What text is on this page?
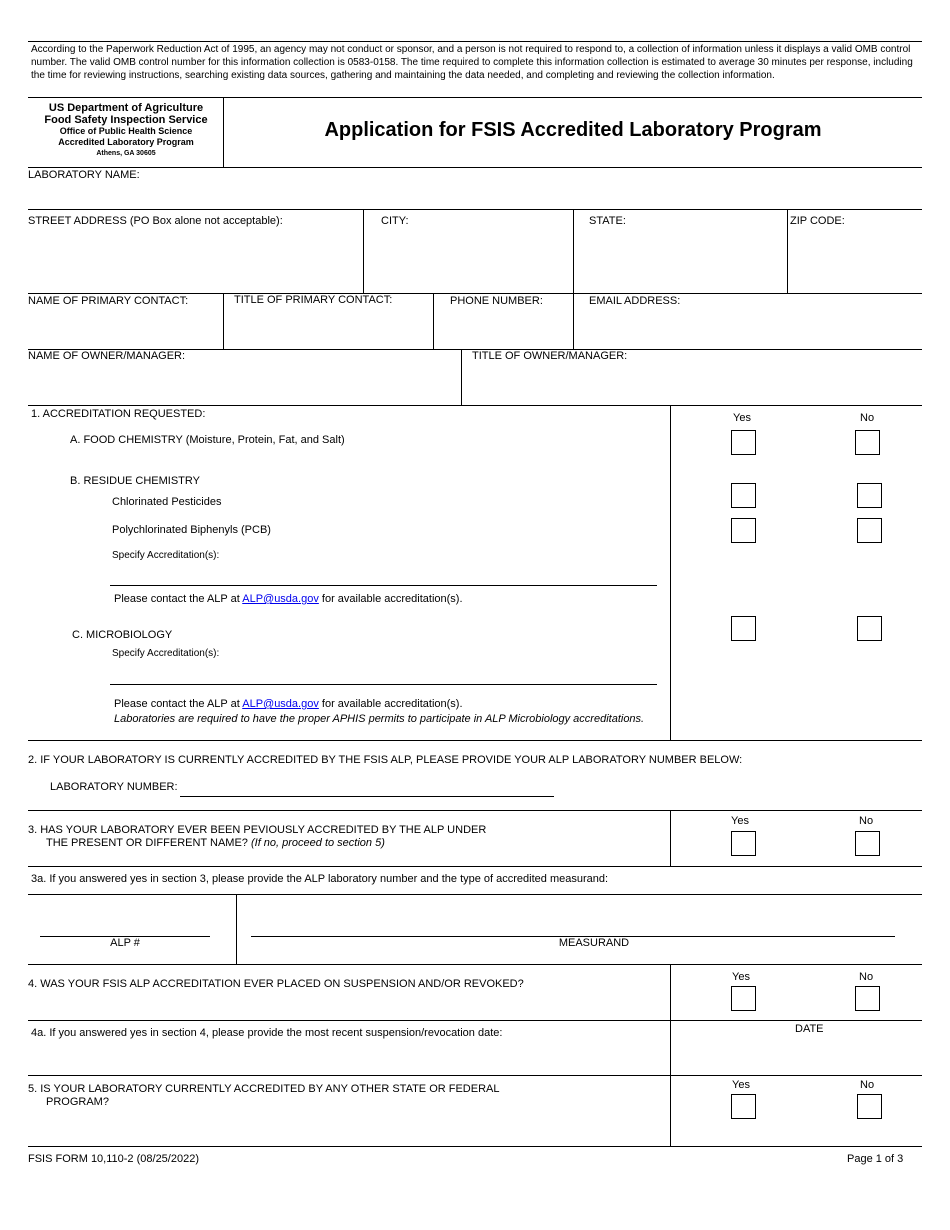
According to the Paperwork Reduction Act of 1995, an agency may not conduct or sponsor, and a person is not required to respond to, a collection of information unless it displays a valid OMB control number. The valid OMB control number for this information collection is 0583-0158. The time required to complete this information collection is estimated to average 30 minutes per response, including the time for reviewing instructions, searching existing data sources, gathering and maintaining the data needed, and completing and reviewing the collection information.
US Department of Agriculture
Food Safety Inspection Service
Office of Public Health Science
Accredited Laboratory Program
Athens, GA 30605
Application for FSIS Accredited Laboratory Program
LABORATORY NAME:
STREET ADDRESS (PO Box alone not acceptable):	CITY:	STATE:	ZIP CODE:
NAME OF PRIMARY CONTACT:	TITLE OF PRIMARY CONTACT:	PHONE NUMBER:	EMAIL ADDRESS:
NAME OF OWNER/MANAGER:	TITLE OF OWNER/MANAGER:
1. ACCREDITATION REQUESTED:	Yes	No
A. FOOD CHEMISTRY (Moisture, Protein, Fat, and Salt)
B. RESIDUE CHEMISTRY
Chlorinated Pesticides
Polychlorinated Biphenyls (PCB)
Specify Accreditation(s):
Please contact the ALP at ALP@usda.gov for available accreditation(s).
C. MICROBIOLOGY
Specify Accreditation(s):
Please contact the ALP at ALP@usda.gov for available accreditation(s).
Laboratories are required to have the proper APHIS permits to participate in ALP Microbiology accreditations.
2. IF YOUR LABORATORY IS CURRENTLY ACCREDITED BY THE FSIS ALP, PLEASE PROVIDE YOUR ALP LABORATORY NUMBER BELOW:
LABORATORY NUMBER:
3. HAS YOUR LABORATORY EVER BEEN PEVIOUSLY ACCREDITED BY THE ALP UNDER
THE PRESENT OR DIFFERENT NAME? (If no, proceed to section 5)
Yes	No
3a. If you answered yes in section 3, please provide the ALP laboratory number and the type of accredited measurand:
ALP #	MEASURAND
4. WAS YOUR FSIS ALP ACCREDITATION EVER PLACED ON SUSPENSION AND/OR REVOKED?
Yes	No
4a. If you answered yes in section 4, please provide the most recent suspension/revocation date:	DATE
5. IS YOUR LABORATORY CURRENTLY ACCREDITED BY ANY OTHER STATE OR FEDERAL
PROGRAM?
Yes	No
FSIS FORM 10,110-2 (08/25/2022)	Page 1 of 3
